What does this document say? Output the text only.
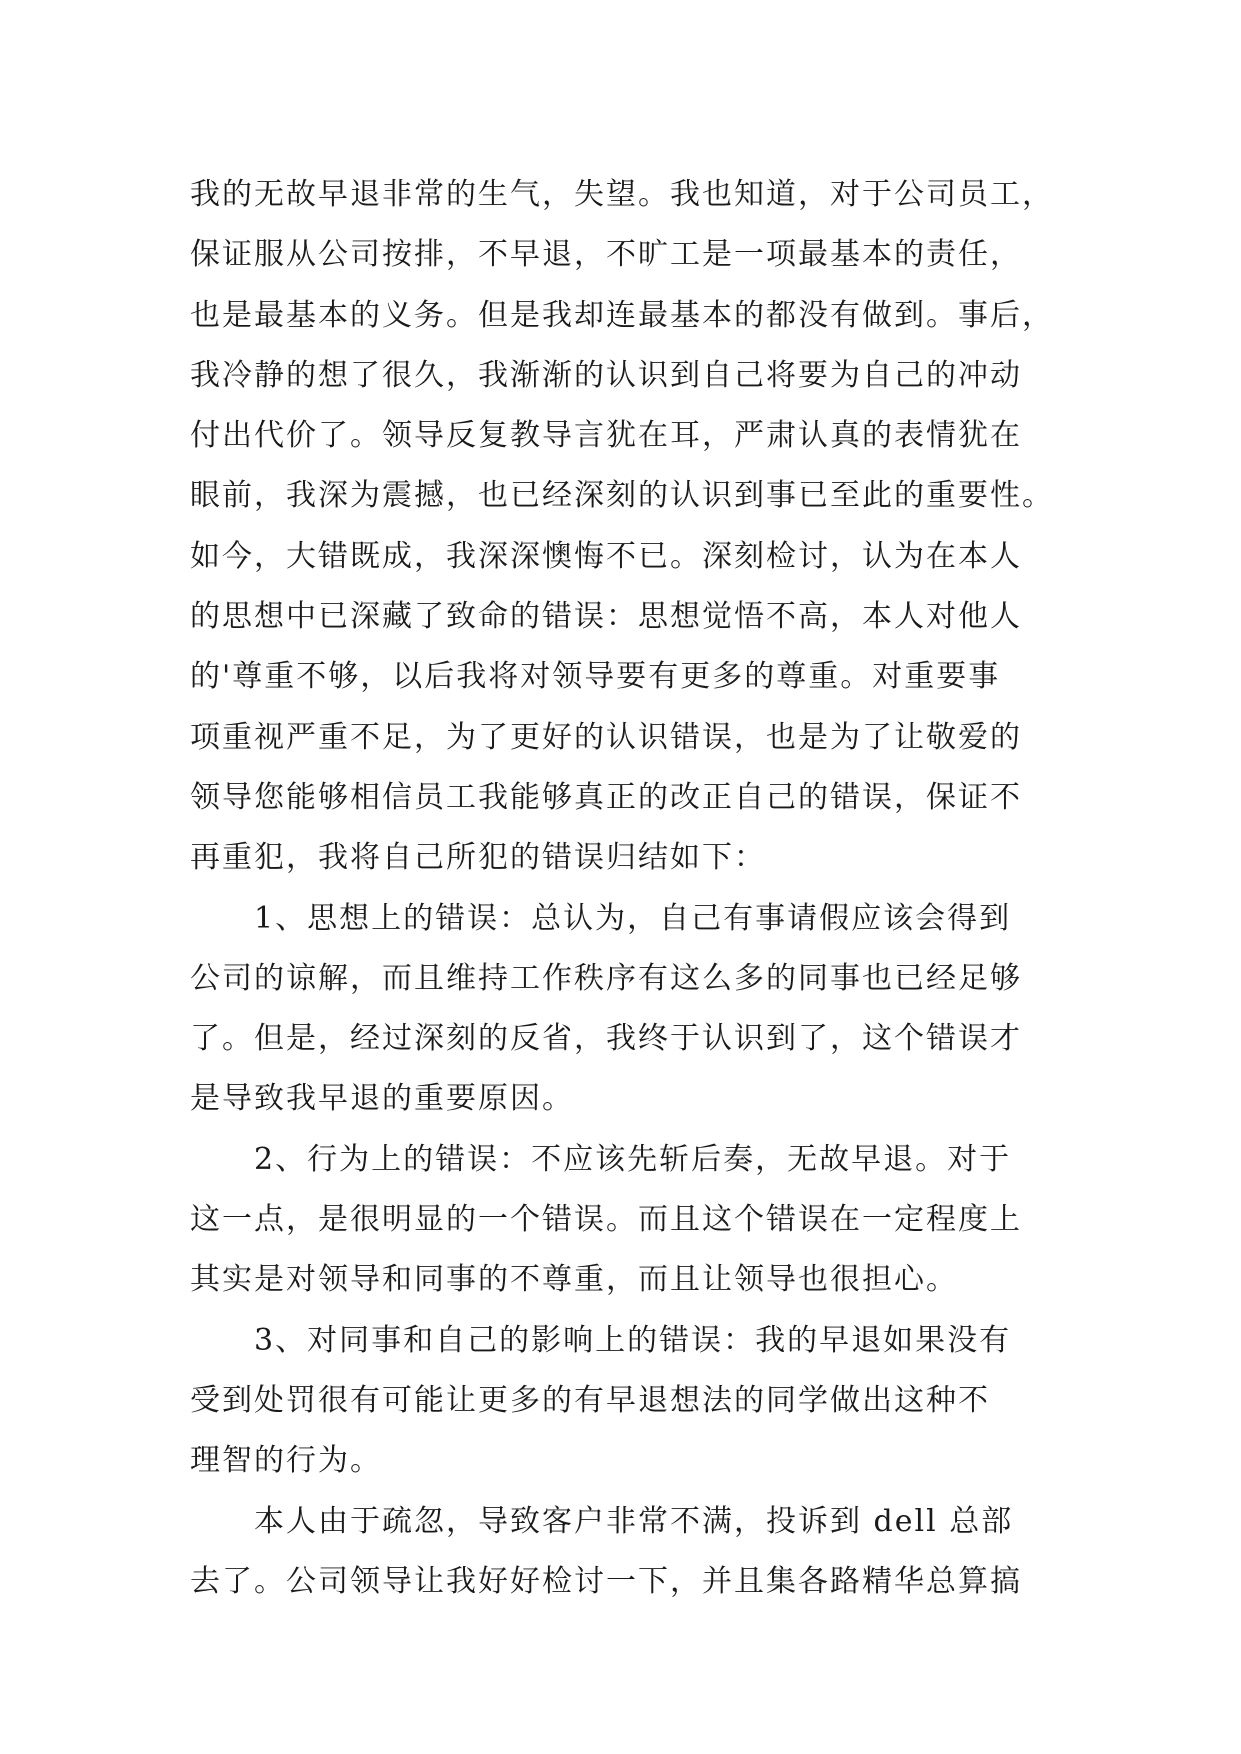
我的无故早退非常的生气，失望。我也知道，对于公司员工，
保证服从公司按排，不早退，不旷工是一项最基本的责任，
也是最基本的义务。但是我却连最基本的都没有做到。事后，
我冷静的想了很久，我渐渐的认识到自己将要为自己的冲动
付出代价了。领导反复教导言犹在耳，严肃认真的表情犹在
眼前，我深为震撼，也已经深刻的认识到事已至此的重要性。
如今，大错既成，我深深懊悔不已。深刻检讨，认为在本人
的思想中已深藏了致命的错误：思想觉悟不高，本人对他人
的'尊重不够，以后我将对领导要有更多的尊重。对重要事
项重视严重不足，为了更好的认识错误，也是为了让敬爱的
领导您能够相信员工我能够真正的改正自己的错误，保证不
再重犯，我将自己所犯的错误归结如下：
1、思想上的错误：总认为，自己有事请假应该会得到
公司的谅解，而且维持工作秩序有这么多的同事也已经足够
了。但是，经过深刻的反省，我终于认识到了，这个错误才
是导致我早退的重要原因。
2、行为上的错误：不应该先斩后奏，无故早退。对于
这一点，是很明显的一个错误。而且这个错误在一定程度上
其实是对领导和同事的不尊重，而且让领导也很担心。
3、对同事和自己的影响上的错误：我的早退如果没有
受到处罚很有可能让更多的有早退想法的同学做出这种不
理智的行为。
本人由于疏忽，导致客户非常不满，投诉到 dell 总部
去了。公司领导让我好好检讨一下，并且集各路精华总算搞
